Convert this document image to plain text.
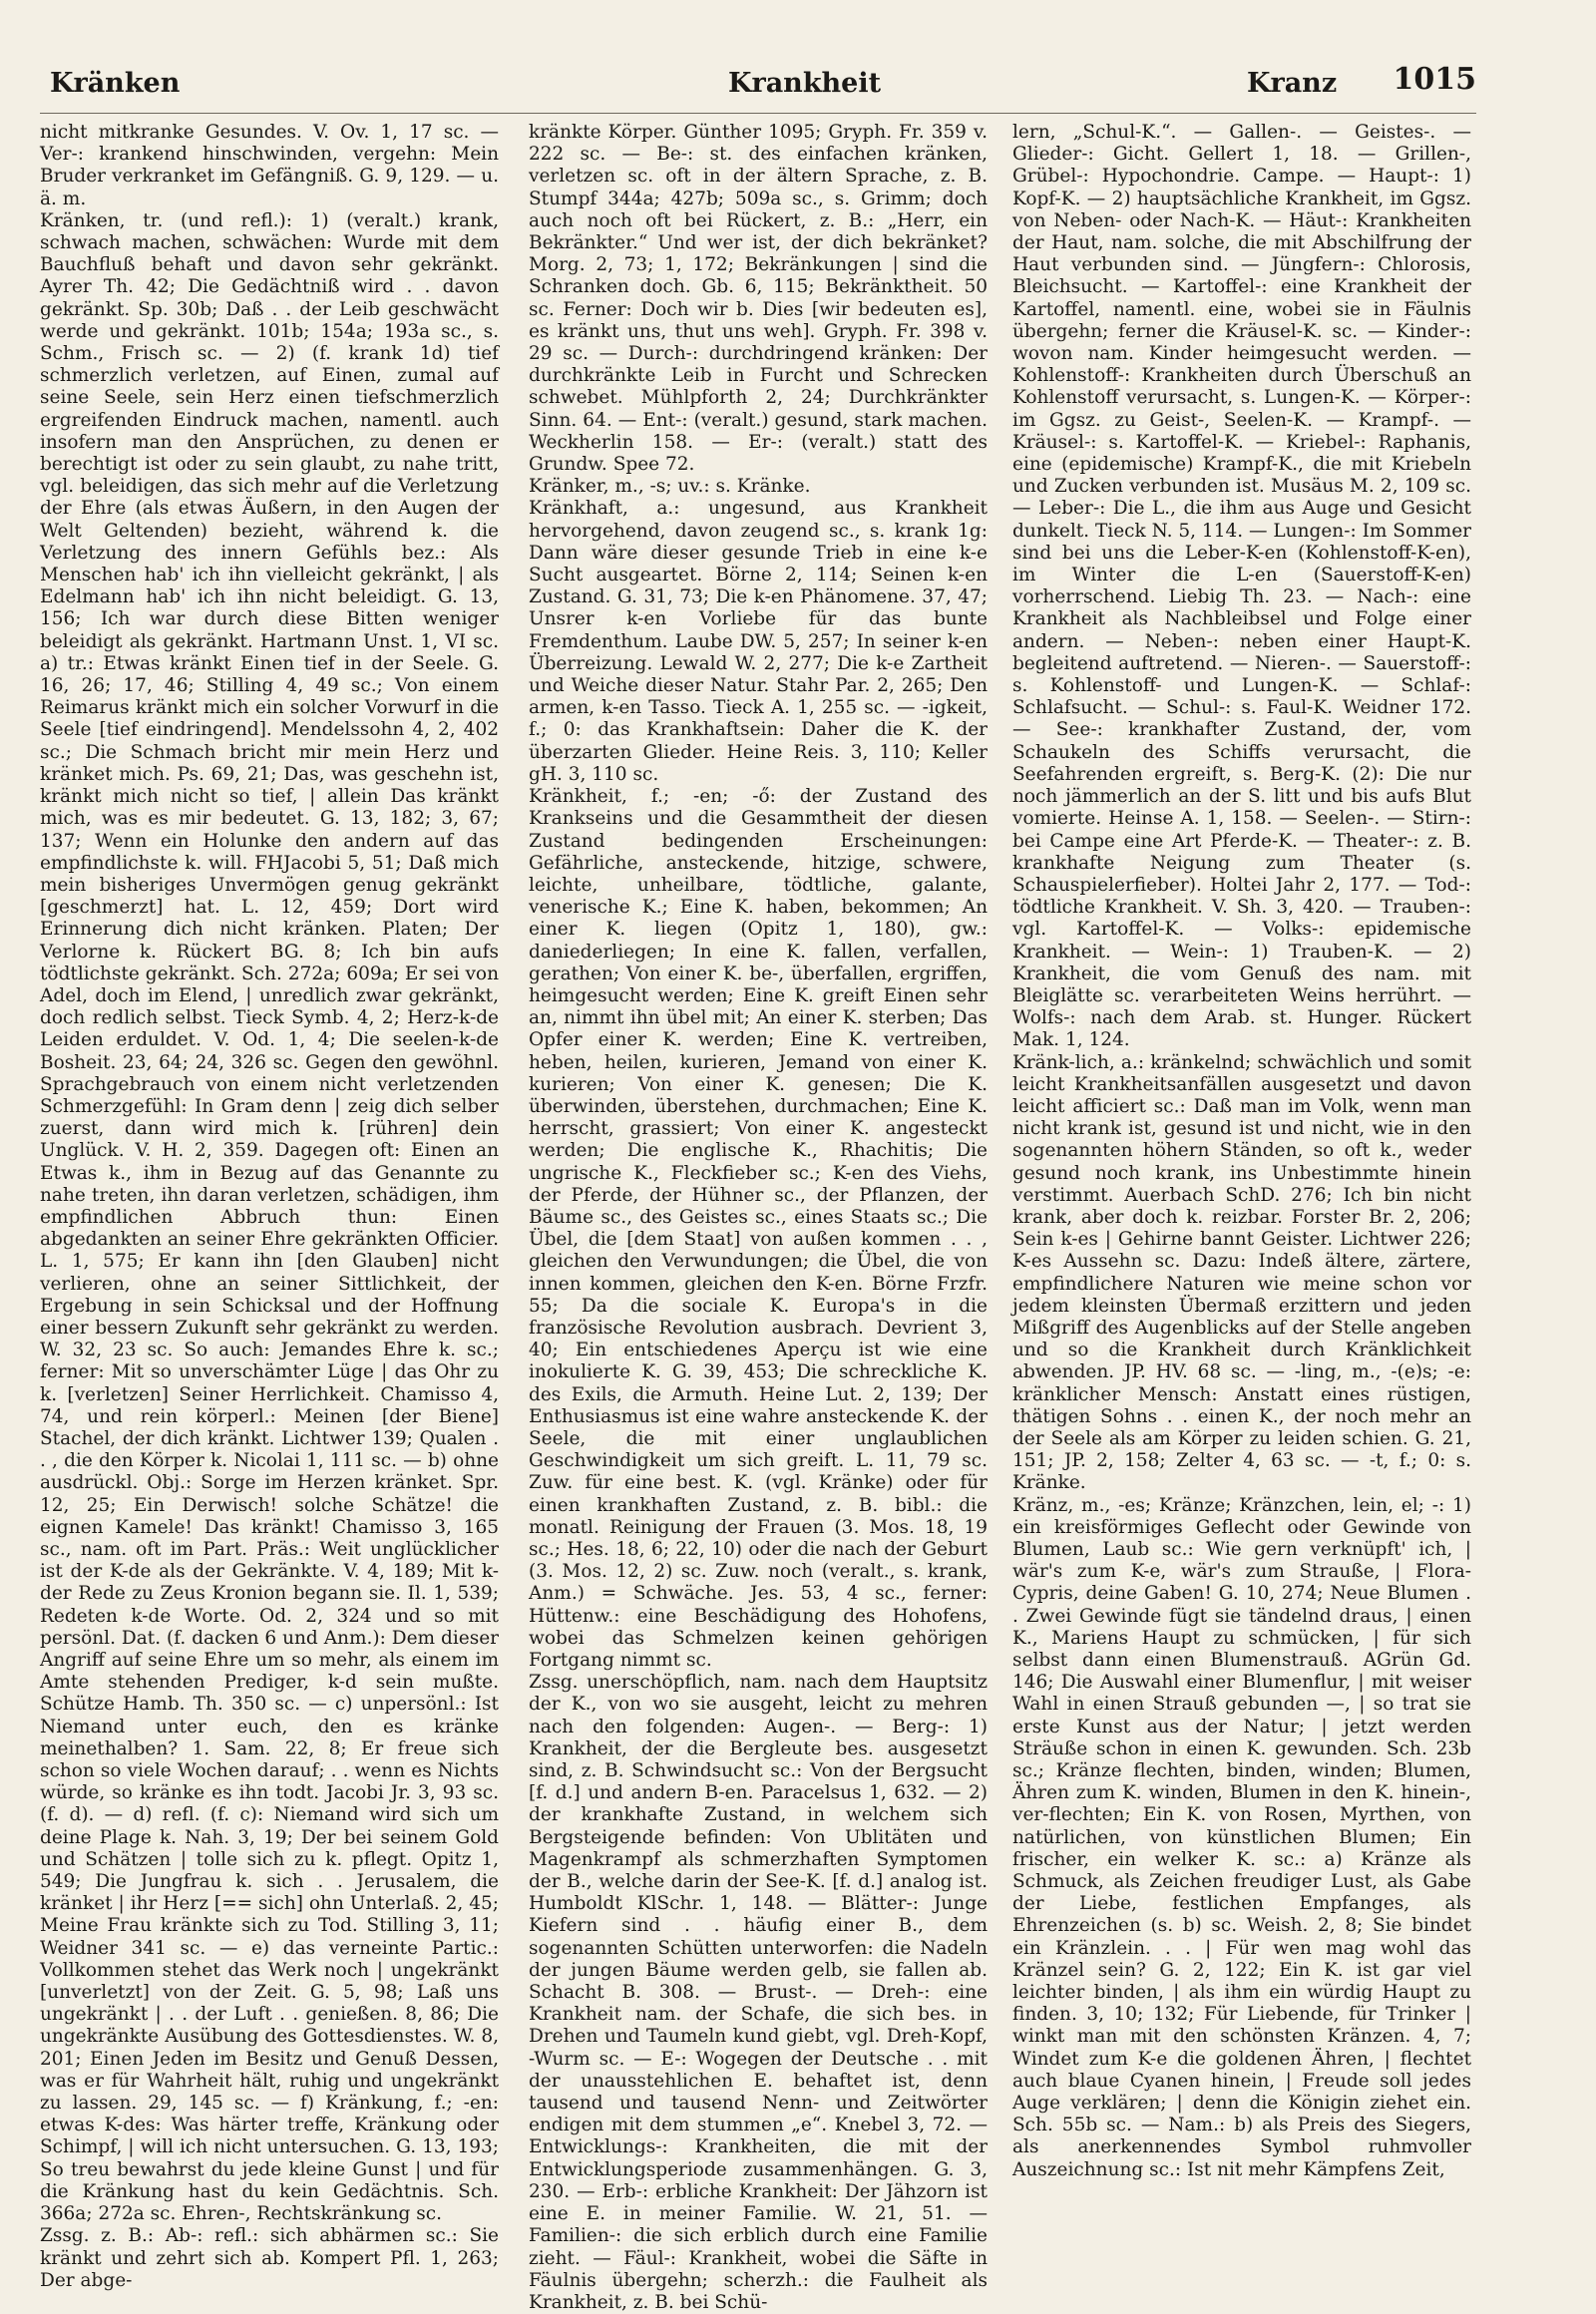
Kränken	Krankheit	Kranz 1015

nicht mitkranke Gesundes. V. Ov. 1, 17 sc. — Ver-: krankend hinschwinden, vergehn: Mein Bruder verkranket im Gefängniß. G. 9, 129. — u. ä. m.

Kränken, tr. (und refl.): 1) (veralt.) krank, schwach machen, schwächen: Wurde mit dem Bauchfluß behaft und davon sehr gekränkt. Ayrer Th. 42; Die Gedächtniß wird . . davon gekränkt. Sp. 30b; Daß . . der Leib geschwächt werde und gekränkt. 101b; 154a; 193a sc., s. Schm., Frisch sc. — 2) (f. krank 1d) tief schmerzlich verletzen, auf Einen, zumal auf seine Seele, sein Herz einen tiefschmerzlich ergreifenden Eindruck machen, namentl. auch insofern man den Ansprüchen, zu denen er berechtigt ist oder zu sein glaubt, zu nahe tritt, vgl. beleidigen, das sich mehr auf die Verletzung der Ehre (als etwas Äußern, in den Augen der Welt Geltenden) bezieht, während k. die Verletzung des innern Gefühls bez.: Als Menschen hab' ich ihn vielleicht gekränkt, | als Edelmann hab' ich ihn nicht beleidigt. G. 13, 156; Ich war durch diese Bitten weniger beleidigt als gekränkt. Hartmann Unst. 1, VI sc. a) tr.: Etwas kränkt Einen tief in der Seele. G. 16, 26; 17, 46; Stilling 4, 49 sc.; Von einem Reimarus kränkt mich ein solcher Vorwurf in die Seele [tief eindringend]. Mendelssohn 4, 2, 402 sc.; Die Schmach bricht mir mein Herz und kränket mich. Ps. 69, 21; Das, was geschehn ist, kränkt mich nicht so tief, | allein Das kränkt mich, was es mir bedeutet. G. 13, 182; 3, 67; 137; Wenn ein Holunke den andern auf das empfindlichste k. will. FHJacobi 5, 51; Daß mich mein bisheriges Unvermögen genug gekränkt [geschmerzt] hat. L. 12, 459; Dort wird Erinnerung dich nicht kränken. Platen; Der Verlorne k. Rückert BG. 8; Ich bin aufs tödtlichste gekränkt. Sch. 272a; 609a; Er sei von Adel, doch im Elend, | unredlich zwar gekränkt, doch redlich selbst. Tieck Symb. 4, 2; Herz-k-de Leiden erduldet. V. Od. 1, 4; Die seelen-k-de Bosheit. 23, 64; 24, 326 sc. Gegen den gewöhnl. Sprachgebrauch von einem nicht verletzenden Schmerzgefühl: In Gram denn | zeig dich selber zuerst, dann wird mich k. [rühren] dein Unglück. V. H. 2, 359. Dagegen oft: Einen an Etwas k., ihm in Bezug auf das Genannte zu nahe treten, ihn daran verletzen, schädigen, ihm empfindlichen Abbruch thun: Einen abgedankten an seiner Ehre gekränkten Officier. L. 1, 575; Er kann ihn [den Glauben] nicht verlieren, ohne an seiner Sittlichkeit, der Ergebung in sein Schicksal und der Hoffnung einer bessern Zukunft sehr gekränkt zu werden. W. 32, 23 sc. So auch: Jemandes Ehre k. sc.; ferner: Mit so unverschämter Lüge | das Ohr zu k. [verletzen] Seiner Herrlichkeit. Chamisso 4, 74, und rein körperl.: Meinen [der Biene] Stachel, der dich kränkt. Lichtwer 139; Qualen . . , die den Körper k. Nicolai 1, 111 sc. — b) ohne ausdrückl. Obj.: Sorge im Herzen kränket. Spr. 12, 25; Ein Derwisch! solche Schätze! die eignen Kamele! Das kränkt! Chamisso 3, 165 sc., nam. oft im Part. Präs.: Weit unglücklicher ist der K-de als der Gekränkte. V. 4, 189; Mit k-der Rede zu Zeus Kronion begann sie. Il. 1, 539; Redeten k-de Worte. Od. 2, 324 und so mit persönl. Dat. (f. dacken 6 und Anm.): Dem dieser Angriff auf seine Ehre um so mehr, als einem im Amte stehenden Prediger, k-d sein mußte. Schütze Hamb. Th. 350 sc. — c) unpersönl.: Ist Niemand unter euch, den es kränke meinethalben? 1. Sam. 22, 8; Er freue sich schon so viele Wochen darauf; . . wenn es Nichts würde, so kränke es ihn todt. Jacobi Jr. 3, 93 sc. (f. d). — d) refl. (f. c): Niemand wird sich um deine Plage k. Nah. 3, 19; Der bei seinem Gold und Schätzen | tolle sich zu k. pflegt. Opitz 1, 549; Die Jungfrau k. sich . . Jerusalem, die kränket | ihr Herz [== sich] ohn Unterlaß. 2, 45; Meine Frau kränkte sich zu Tod. Stilling 3, 11; Weidner 341 sc. — e) das verneinte Partic.: Vollkommen stehet das Werk noch | ungekränkt [unverletzt] von der Zeit. G. 5, 98; Laß uns ungekränkt | . . der Luft . . genießen. 8, 86; Die ungekränkte Ausübung des Gottesdienstes. W. 8, 201; Einen Jeden im Besitz und Genuß Dessen, was er für Wahrheit hält, ruhig und ungekränkt zu lassen. 29, 145 sc. — f) Kränkung, f.; -en: etwas K-des: Was härter treffe, Kränkung oder Schimpf, | will ich nicht untersuchen. G. 13, 193; So treu bewahrst du jede kleine Gunst | und für die Kränkung hast du kein Gedächtnis. Sch. 366a; 272a sc. Ehren-, Rechtskränkung sc.

Zssg. z. B.: Ab-: refl.: sich abhärmen sc.: Sie kränkt und zehrt sich ab. Kompert Pfl. 1, 263; Der abge-

kränkte Körper. Günther 1095; Gryph. Fr. 359 v. 222 sc. — Be-: st. des einfachen kränken, verletzen sc. oft in der ältern Sprache, z. B. Stumpf 344a; 427b; 509a sc., s. Grimm; doch auch noch oft bei Rückert, z. B.: „Herr, ein Bekränkter.“ Und wer ist, der dich bekränket? Morg. 2, 73; 1, 172; Bekränkungen | sind die Schranken doch. Gb. 6, 115; Bekränktheit. 50 sc. Ferner: Doch wir b. Dies [wir bedeuten es], es kränkt uns, thut uns weh]. Gryph. Fr. 398 v. 29 sc. — Durch-: durchdringend kränken: Der durchkränkte Leib in Furcht und Schrecken schwebet. Mühlpforth 2, 24; Durchkränkter Sinn. 64. — Ent-: (veralt.) gesund, stark machen. Weckherlin 158. — Er-: (veralt.) statt des Grundw. Spee 72.

Kränker, m., -s; uv.: s. Kränke.

Kränkhaft, a.: ungesund, aus Krankheit hervorgehend, davon zeugend sc., s. krank 1g: Dann wäre dieser gesunde Trieb in eine k-e Sucht ausgeartet. Börne 2, 114; Seinen k-en Zustand. G. 31, 73; Die k-en Phänomene. 37, 47; Unsrer k-en Vorliebe für das bunte Fremdenthum. Laube DW. 5, 257; In seiner k-en Überreizung. Lewald W. 2, 277; Die k-e Zartheit und Weiche dieser Natur. Stahr Par. 2, 265; Den armen, k-en Tasso. Tieck A. 1, 255 sc. — -igkeit, f.; 0: das Krankhaftsein: Daher die K. der überzarten Glieder. Heine Reis. 3, 110; Keller gH. 3, 110 sc.

Kränkheit, f.; -en; -ő: der Zustand des Krankseins und die Gesammtheit der diesen Zustand bedingenden Erscheinungen: Gefährliche, ansteckende, hitzige, schwere, leichte, unheilbare, tödtliche, galante, venerische K.; Eine K. haben, bekommen; An einer K. liegen (Opitz 1, 180), gw.: daniederliegen; In eine K. fallen, verfallen, gerathen; Von einer K. be-, überfallen, ergriffen, heimgesucht werden; Eine K. greift Einen sehr an, nimmt ihn übel mit; An einer K. sterben; Das Opfer einer K. werden; Eine K. vertreiben, heben, heilen, kurieren, Jemand von einer K. kurieren; Von einer K. genesen; Die K. überwinden, überstehen, durchmachen; Eine K. herrscht, grassiert; Von einer K. angesteckt werden; Die englische K., Rhachitis; Die ungrische K., Fleckfieber sc.; K-en des Viehs, der Pferde, der Hühner sc., der Pflanzen, der Bäume sc., des Geistes sc., eines Staats sc.; Die Übel, die [dem Staat] von außen kommen . . , gleichen den Verwundungen; die Übel, die von innen kommen, gleichen den K-en. Börne Frzfr. 55; Da die sociale K. Europa's in die französische Revolution ausbrach. Devrient 3, 40; Ein entschiedenes Aperçu ist wie eine inokulierte K. G. 39, 453; Die schreckliche K. des Exils, die Armuth. Heine Lut. 2, 139; Der Enthusiasmus ist eine wahre ansteckende K. der Seele, die mit einer unglaublichen Geschwindigkeit um sich greift. L. 11, 79 sc. Zuw. für eine best. K. (vgl. Kränke) oder für einen krankhaften Zustand, z. B. bibl.: die monatl. Reinigung der Frauen (3. Mos. 18, 19 sc.; Hes. 18, 6; 22, 10) oder die nach der Geburt (3. Mos. 12, 2) sc. Zuw. noch (veralt., s. krank, Anm.) = Schwäche. Jes. 53, 4 sc., ferner: Hüttenw.: eine Beschädigung des Hohofens, wobei das Schmelzen keinen gehörigen Fortgang nimmt sc.

Zssg. unerschöpflich, nam. nach dem Hauptsitz der K., von wo sie ausgeht, leicht zu mehren nach den folgenden: Augen-. — Berg-: 1) Krankheit, der die Bergleute bes. ausgesetzt sind, z. B. Schwindsucht sc.: Von der Bergsucht [f. d.] und andern B-en. Paracelsus 1, 632. — 2) der krankhafte Zustand, in welchem sich Bergsteigende befinden: Von Ublitäten und Magenkrampf als schmerzhaften Symptomen der B., welche darin der See-K. [f. d.] analog ist. Humboldt KlSchr. 1, 148. — Blätter-: Junge Kiefern sind . . häufig einer B., dem sogenannten Schütten unterworfen: die Nadeln der jungen Bäume werden gelb, sie fallen ab. Schacht B. 308. — Brust-. — Dreh-: eine Krankheit nam. der Schafe, die sich bes. in Drehen und Taumeln kund giebt, vgl. Dreh-Kopf, -Wurm sc. — E-: Wogegen der Deutsche . . mit der unausstehlichen E. behaftet ist, denn tausend und tausend Nenn- und Zeitwörter endigen mit dem stummen „e“. Knebel 3, 72. — Entwicklungs-: Krankheiten, die mit der Entwicklungsperiode zusammenhängen. G. 3, 230. — Erb-: erbliche Krankheit: Der Jähzorn ist eine E. in meiner Familie. W. 21, 51. — Familien-: die sich erblich durch eine Familie zieht. — Fäul-: Krankheit, wobei die Säfte in Fäulnis übergehn; scherzh.: die Faulheit als Krankheit, z. B. bei Schü-

lern, „Schul-K.“. — Gallen-. — Geistes-. — Glieder-: Gicht. Gellert 1, 18. — Grillen-, Grübel-: Hypochondrie. Campe. — Haupt-: 1) Kopf-K. — 2) hauptsächliche Krankheit, im Ggsz. von Neben- oder Nach-K. — Häut-: Krankheiten der Haut, nam. solche, die mit Abschilfrung der Haut verbunden sind. — Jüngfern-: Chlorosis, Bleichsucht. — Kartoffel-: eine Krankheit der Kartoffel, namentl. eine, wobei sie in Fäulnis übergehn; ferner die Kräusel-K. sc. — Kinder-: wovon nam. Kinder heimgesucht werden. — Kohlenstoff-: Krankheiten durch Überschuß an Kohlenstoff verursacht, s. Lungen-K. — Körper-: im Ggsz. zu Geist-, Seelen-K. — Krampf-. — Kräusel-: s. Kartoffel-K. — Kriebel-: Raphanis, eine (epidemische) Krampf-K., die mit Kriebeln und Zucken verbunden ist. Musäus M. 2, 109 sc. — Leber-: Die L., die ihm aus Auge und Gesicht dunkelt. Tieck N. 5, 114. — Lungen-: Im Sommer sind bei uns die Leber-K-en (Kohlenstoff-K-en), im Winter die L-en (Sauerstoff-K-en) vorherrschend. Liebig Th. 23. — Nach-: eine Krankheit als Nachbleibsel und Folge einer andern. — Neben-: neben einer Haupt-K. begleitend auftretend. — Nieren-. — Sauerstoff-: s. Kohlenstoff- und Lungen-K. — Schlaf-: Schlafsucht. — Schul-: s. Faul-K. Weidner 172. — See-: krankhafter Zustand, der, vom Schaukeln des Schiffs verursacht, die Seefahrenden ergreift, s. Berg-K. (2): Die nur noch jämmerlich an der S. litt und bis aufs Blut vomierte. Heinse A. 1, 158. — Seelen-. — Stirn-: bei Campe eine Art Pferde-K. — Theater-: z. B. krankhafte Neigung zum Theater (s. Schauspielerfieber). Holtei Jahr 2, 177. — Tod-: tödtliche Krankheit. V. Sh. 3, 420. — Trauben-: vgl. Kartoffel-K. — Volks-: epidemische Krankheit. — Wein-: 1) Trauben-K. — 2) Krankheit, die vom Genuß des nam. mit Bleiglätte sc. verarbeiteten Weins herrührt. — Wolfs-: nach dem Arab. st. Hunger. Rückert Mak. 1, 124.

Kränk-lich, a.: kränkelnd; schwächlich und somit leicht Krankheitsanfällen ausgesetzt und davon leicht afficiert sc.: Daß man im Volk, wenn man nicht krank ist, gesund ist und nicht, wie in den sogenannten höhern Ständen, so oft k., weder gesund noch krank, ins Unbestimmte hinein verstimmt. Auerbach SchD. 276; Ich bin nicht krank, aber doch k. reizbar. Forster Br. 2, 206; Sein k-es | Gehirne bannt Geister. Lichtwer 226; K-es Aussehn sc. Dazu: Indeß ältere, zärtere, empfindlichere Naturen wie meine schon vor jedem kleinsten Übermaß erzittern und jeden Mißgriff des Augenblicks auf der Stelle angeben und so die Krankheit durch Kränklichkeit abwenden. JP. HV. 68 sc. — -ling, m., -(e)s; -e: kränklicher Mensch: Anstatt eines rüstigen, thätigen Sohns . . einen K., der noch mehr an der Seele als am Körper zu leiden schien. G. 21, 151; JP. 2, 158; Zelter 4, 63 sc. — -t, f.; 0: s. Kränke.

Kränz, m., -es; Kränze; Kränzchen, lein, el; -: 1) ein kreisförmiges Geflecht oder Gewinde von Blumen, Laub sc.: Wie gern verknüpft' ich, | wär's zum K-e, wär's zum Strauße, | Flora-Cypris, deine Gaben! G. 10, 274; Neue Blumen . . Zwei Gewinde fügt sie tändelnd draus, | einen K., Mariens Haupt zu schmücken, | für sich selbst dann einen Blumenstrauß. AGrün Gd. 146; Die Auswahl einer Blumenflur, | mit weiser Wahl in einen Strauß gebunden —, | so trat sie erste Kunst aus der Natur; | jetzt werden Sträuße schon in einen K. gewunden. Sch. 23b sc.; Kränze flechten, binden, winden; Blumen, Ähren zum K. winden, Blumen in den K. hinein-, ver-flechten; Ein K. von Rosen, Myrthen, von natürlichen, von künstlichen Blumen; Ein frischer, ein welker K. sc.: a) Kränze als Schmuck, als Zeichen freudiger Lust, als Gabe der Liebe, festlichen Empfanges, als Ehrenzeichen (s. b) sc. Weish. 2, 8; Sie bindet ein Kränzlein. . . | Für wen mag wohl das Kränzel sein? G. 2, 122; Ein K. ist gar viel leichter binden, | als ihm ein würdig Haupt zu finden. 3, 10; 132; Für Liebende, für Trinker | winkt man mit den schönsten Kränzen. 4, 7; Windet zum K-e die goldenen Ähren, | flechtet auch blaue Cyanen hinein, | Freude soll jedes Auge verklären; | denn die Königin ziehet ein. Sch. 55b sc. — Nam.: b) als Preis des Siegers, als anerkennendes Symbol ruhmvoller Auszeichnung sc.: Ist nit mehr Kämpfens Zeit,
